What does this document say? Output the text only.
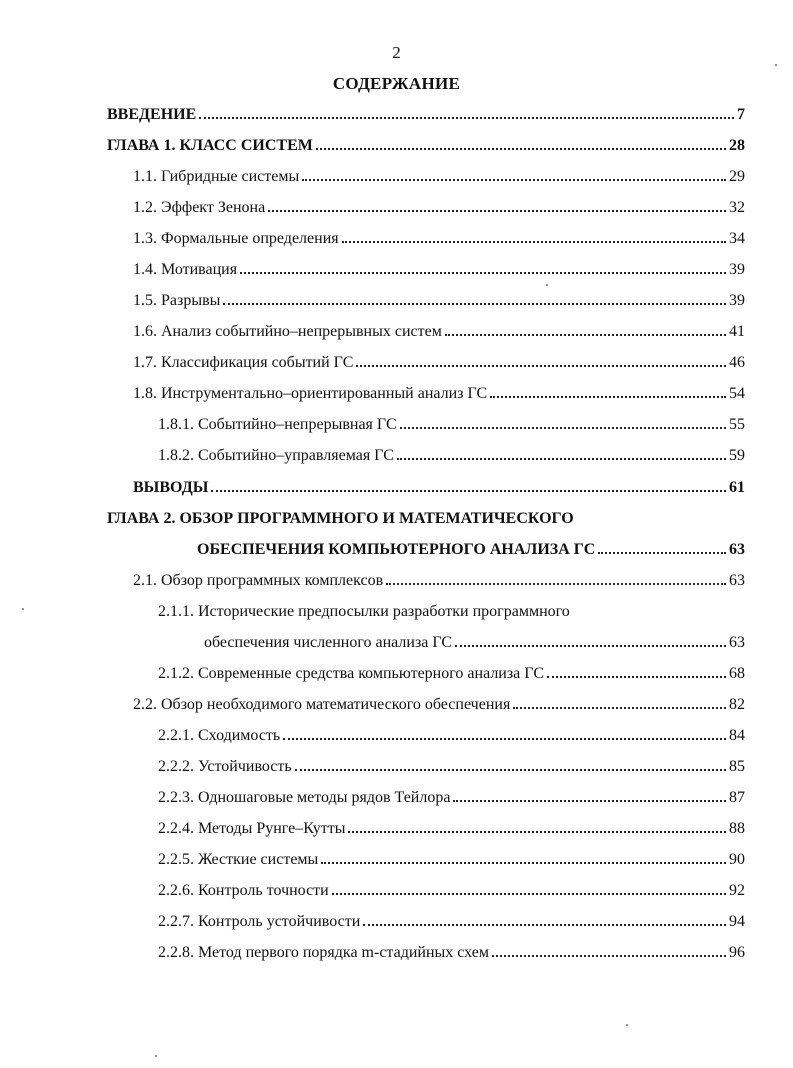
2
СОДЕРЖАНИЕ
ВВЕДЕНИЕ	7
ГЛАВА 1. КЛАСС СИСТЕМ	28
1.1. Гибридные системы	29
1.2. Эффект Зенона	32
1.3. Формальные определения	34
1.4. Мотивация	39
1.5. Разрывы	39
1.6. Анализ событийно–непрерывных систем	41
1.7. Классификация событий ГС	46
1.8. Инструментально–ориентированный анализ ГС	54
1.8.1. Событийно–непрерывная ГС	55
1.8.2. Событийно–управляемая ГС	59
ВЫВОДЫ	61
ГЛАВА 2. ОБЗОР ПРОГРАММНОГО И МАТЕМАТИЧЕСКОГО
ОБЕСПЕЧЕНИЯ КОМПЬЮТЕРНОГО АНАЛИЗА ГС	63
2.1. Обзор программных комплексов	63
2.1.1. Исторические предпосылки разработки программного
обеспечения численного анализа ГС	63
2.1.2. Современные средства компьютерного анализа ГС	68
2.2. Обзор необходимого математического обеспечения	82
2.2.1. Сходимость	84
2.2.2. Устойчивость	85
2.2.3. Одношаговые методы рядов Тейлора	87
2.2.4. Методы Рунге–Кутты	88
2.2.5. Жесткие системы	90
2.2.6. Контроль точности	92
2.2.7. Контроль устойчивости	94
2.2.8. Метод первого порядка m-стадийных схем	96
